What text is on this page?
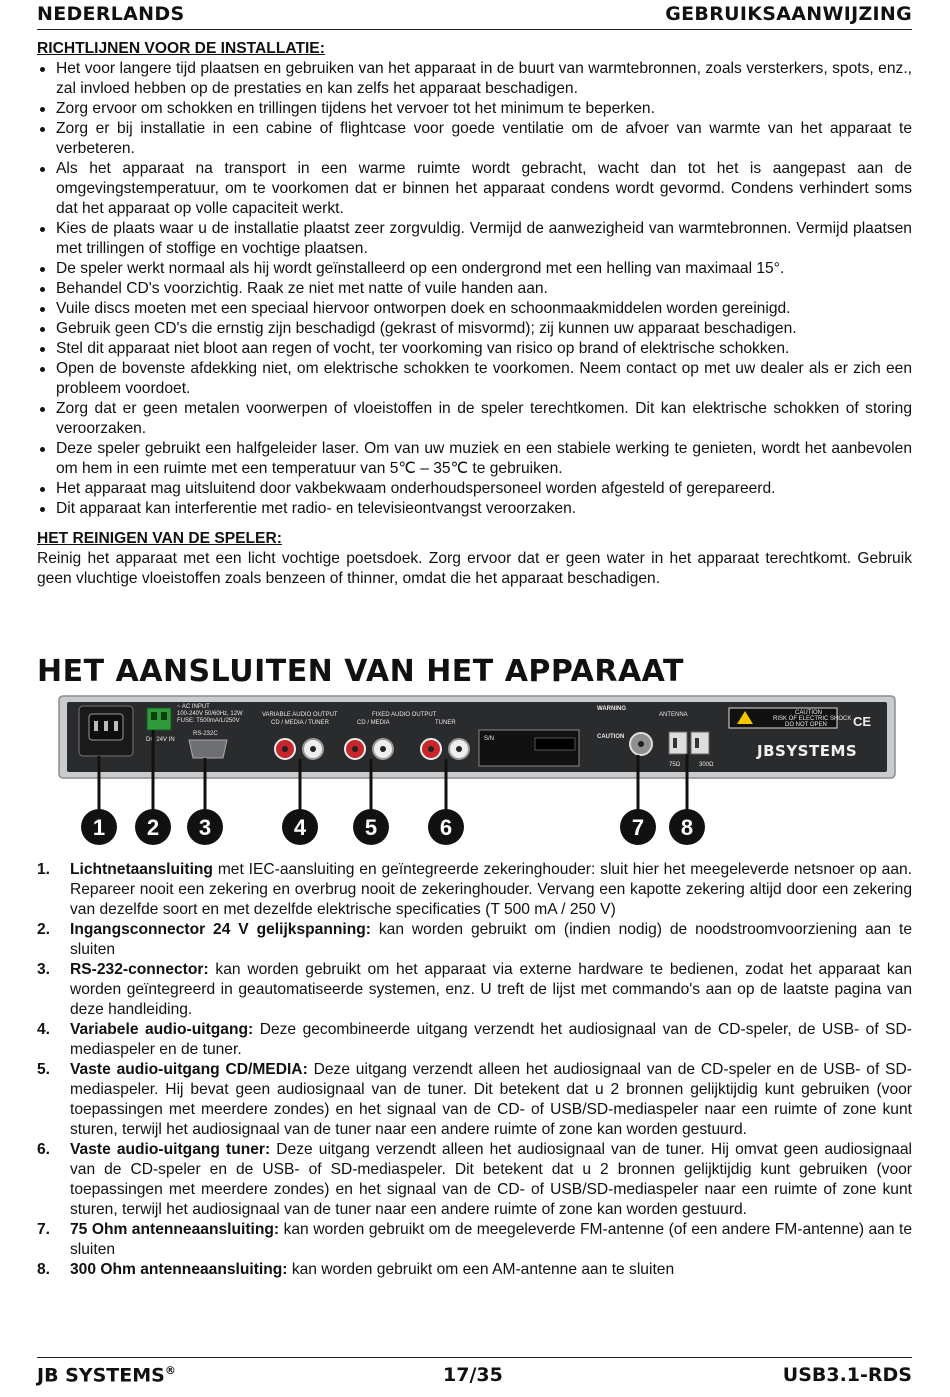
NEDERLANDS	GEBRUIKSAANWIJZING
RICHTLIJNEN VOOR DE INSTALLATIE:
Het voor langere tijd plaatsen en gebruiken van het apparaat in de buurt van warmtebronnen, zoals versterkers, spots, enz., zal invloed hebben op de prestaties en kan zelfs het apparaat beschadigen.
Zorg ervoor om schokken en trillingen tijdens het vervoer tot het minimum te beperken.
Zorg er bij installatie in een cabine of flightcase voor goede ventilatie om de afvoer van warmte van het apparaat te verbeteren.
Als het apparaat na transport in een warme ruimte wordt gebracht, wacht dan tot het is aangepast aan de omgevingstemperatuur, om te voorkomen dat er binnen het apparaat condens wordt gevormd. Condens verhindert soms dat het apparaat op volle capaciteit werkt.
Kies de plaats waar u de installatie plaatst zeer zorgvuldig. Vermijd de aanwezigheid van warmtebronnen. Vermijd plaatsen met trillingen of stoffige en vochtige plaatsen.
De speler werkt normaal als hij wordt geïnstalleerd op een ondergrond met een helling van maximaal 15°.
Behandel CD's voorzichtig. Raak ze niet met natte of vuile handen aan.
Vuile discs moeten met een speciaal hiervoor ontworpen doek en schoonmaakmiddelen worden gereinigd.
Gebruik geen CD's die ernstig zijn beschadigd (gekrast of misvormd); zij kunnen uw apparaat beschadigen.
Stel dit apparaat niet bloot aan regen of vocht, ter voorkoming van risico op brand of elektrische schokken.
Open de bovenste afdekking niet, om elektrische schokken te voorkomen. Neem contact op met uw dealer als er zich een probleem voordoet.
Zorg dat er geen metalen voorwerpen of vloeistoffen in de speler terechtkomen. Dit kan elektrische schokken of storing veroorzaken.
Deze speler gebruikt een halfgeleider laser. Om van uw muziek en een stabiele werking te genieten, wordt het aanbevolen om hem in een ruimte met een temperatuur van 5℃ – 35℃ te gebruiken.
Het apparaat mag uitsluitend door vakbekwaam onderhoudspersoneel worden afgesteld of gerepareerd.
Dit apparaat kan interferentie met radio- en televisieontvangst veroorzaken.
HET REINIGEN VAN DE SPELER:
Reinig het apparaat met een licht vochtige poetsdoek. Zorg ervoor dat er geen water in het apparaat terechtkomt. Gebruik geen vluchtige vloeistoffen zoals benzeen of thinner, omdat die het apparaat beschadigen.
HET AANSLUITEN VAN HET APPARAAT
DC 24V IN
~ AC INPUT
100-240V 50/60Hz, 12W
FUSE: T500mA/L/250V
RS-232C
VARIABLE AUDIO OUTPUT
CD / MEDIA / TUNER
FIXED AUDIO OUTPUT
CD / MEDIA	TUNER
S/N
WARNING
CAUTION
ANTENNA
75Ω	300Ω
CAUTION
RISK OF ELECTRIC SHOCK
DO NOT OPEN CE
JBSYSTEMS
1 2 3	4	5	6	7 8
1. Lichtnetaansluiting met IEC-aansluiting en geïntegreerde zekeringhouder: sluit hier het meegeleverde netsnoer op aan. Repareer nooit een zekering en overbrug nooit de zekeringhouder. Vervang een kapotte zekering altijd door een zekering van dezelfde soort en met dezelfde elektrische specificaties (T 500 mA / 250 V)
2. Ingangsconnector 24 V gelijkspanning: kan worden gebruikt om (indien nodig) de noodstroomvoorziening aan te sluiten
3. RS-232-connector: kan worden gebruikt om het apparaat via externe hardware te bedienen, zodat het apparaat kan worden geïntegreerd in geautomatiseerde systemen, enz. U treft de lijst met commando's aan op de laatste pagina van deze handleiding.
4. Variabele audio-uitgang: Deze gecombineerde uitgang verzendt het audiosignaal van de CD-speler, de USB- of SD-mediaspeler en de tuner.
5. Vaste audio-uitgang CD/MEDIA: Deze uitgang verzendt alleen het audiosignaal van de CD-speler en de USB- of SD-mediaspeler. Hij bevat geen audiosignaal van de tuner. Dit betekent dat u 2 bronnen gelijktijdig kunt gebruiken (voor toepassingen met meerdere zondes) en het signaal van de CD- of USB/SD-mediaspeler naar een ruimte of zone kunt sturen, terwijl het audiosignaal van de tuner naar een andere ruimte of zone kan worden gestuurd.
6. Vaste audio-uitgang tuner: Deze uitgang verzendt alleen het audiosignaal van de tuner. Hij omvat geen audiosignaal van de CD-speler en de USB- of SD-mediaspeler. Dit betekent dat u 2 bronnen gelijktijdig kunt gebruiken (voor toepassingen met meerdere zondes) en het signaal van de CD- of USB/SD-mediaspeler naar een ruimte of zone kunt sturen, terwijl het audiosignaal van de tuner naar een andere ruimte of zone kan worden gestuurd.
7. 75 Ohm antenneaansluiting: kan worden gebruikt om de meegeleverde FM-antenne (of een andere FM-antenne) aan te sluiten
8. 300 Ohm antenneaansluiting: kan worden gebruikt om een AM-antenne aan te sluiten
JB SYSTEMS®	17/35	USB3.1-RDS
